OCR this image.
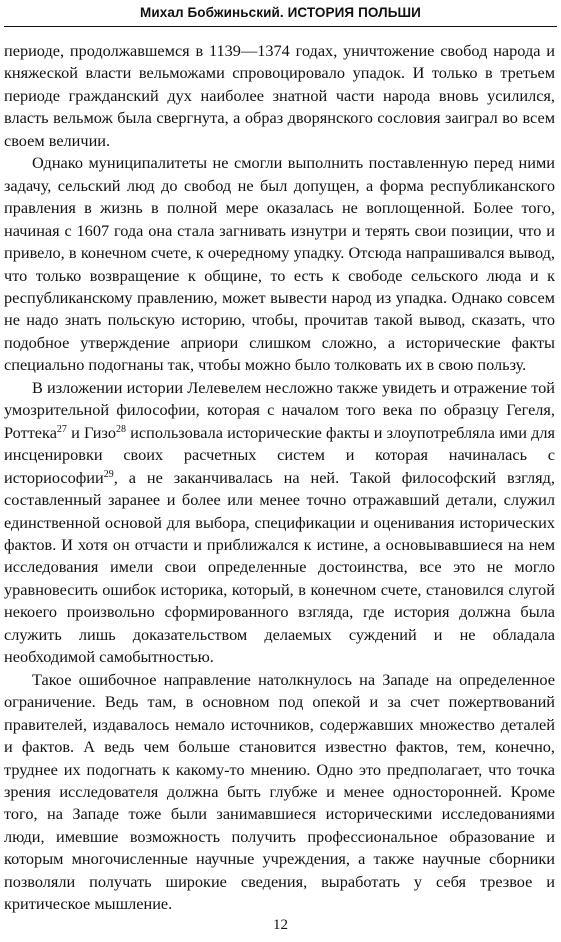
Михал Бобжиньский. ИСТОРИЯ ПОЛЬШИ

периоде, продолжавшемся в 1139—1374 годах, уничтожение свобод народа и княжеской власти вельможами спровоцировало упадок. И только в третьем периоде гражданский дух наиболее знатной части народа вновь усилился, власть вельмож была свергнута, а образ дворянского сословия заиграл во всем своем величии.

Однако муниципалитеты не смогли выполнить поставленную перед ними задачу, сельский люд до свобод не был допущен, а форма республиканского правления в жизнь в полной мере оказалась не воплощенной. Более того, начиная с 1607 года она стала загнивать изнутри и терять свои позиции, что и привело, в конечном счете, к очередному упадку. Отсюда напрашивался вывод, что только возвращение к общине, то есть к свободе сельского люда и к республиканскому правлению, может вывести народ из упадка. Однако совсем не надо знать польскую историю, чтобы, прочитав такой вывод, сказать, что подобное утверждение априори слишком сложно, а исторические факты специально подогнаны так, чтобы можно было толковать их в свою пользу.

В изложении истории Лелевелем несложно также увидеть и отражение той умозрительной философии, которая с началом того века по образцу Гегеля, Роттека$^{27}$ и Гизо$^{28}$ использовала исторические факты и злоупотребляла ими для инсценировки своих расчетных систем и которая начиналась с историософии$^{29}$, а не заканчивалась на ней. Такой философский взгляд, составленный заранее и более или менее точно отражавший детали, служил единственной основой для выбора, спецификации и оценивания исторических фактов. И хотя он отчасти и приближался к истине, а основывавшиеся на нем исследования имели свои определенные достоинства, все это не могло уравновесить ошибок историка, который, в конечном счете, становился слугой некоего произвольно сформированного взгляда, где история должна была служить лишь доказательством делаемых суждений и не обладала необходимой самобытностью.

Такое ошибочное направление натолкнулось на Западе на определенное ограничение. Ведь там, в основном под опекой и за счет пожертвований правителей, издавалось немало источников, содержавших множество деталей и фактов. А ведь чем больше становится известно фактов, тем, конечно, труднее их подогнать к какому-то мнению. Одно это предполагает, что точка зрения исследователя должна быть глубже и менее односторонней. Кроме того, на Западе тоже были занимавшиеся историческими исследованиями люди, имевшие возможность получить профессиональное образование и которым многочисленные научные учреждения, а также научные сборники позволяли получать широкие сведения, выработать у себя трезвое и критическое мышление.

12
